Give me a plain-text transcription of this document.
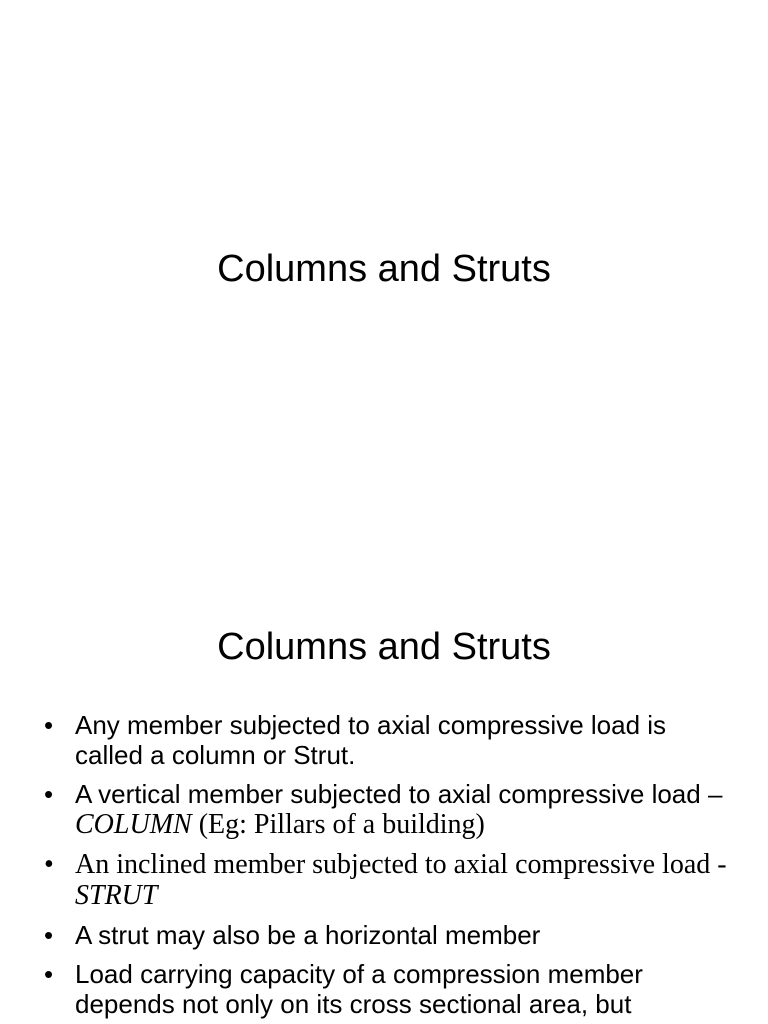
Columns and Struts
Columns and Struts
• Any member subjected to axial compressive load is called a column or Strut.
• A vertical member subjected to axial compressive load – COLUMN (Eg: Pillars of a building)
• An inclined member subjected to axial compressive load - STRUT
• A strut may also be a horizontal member
• Load carrying capacity of a compression member depends not only on its cross sectional area, but
